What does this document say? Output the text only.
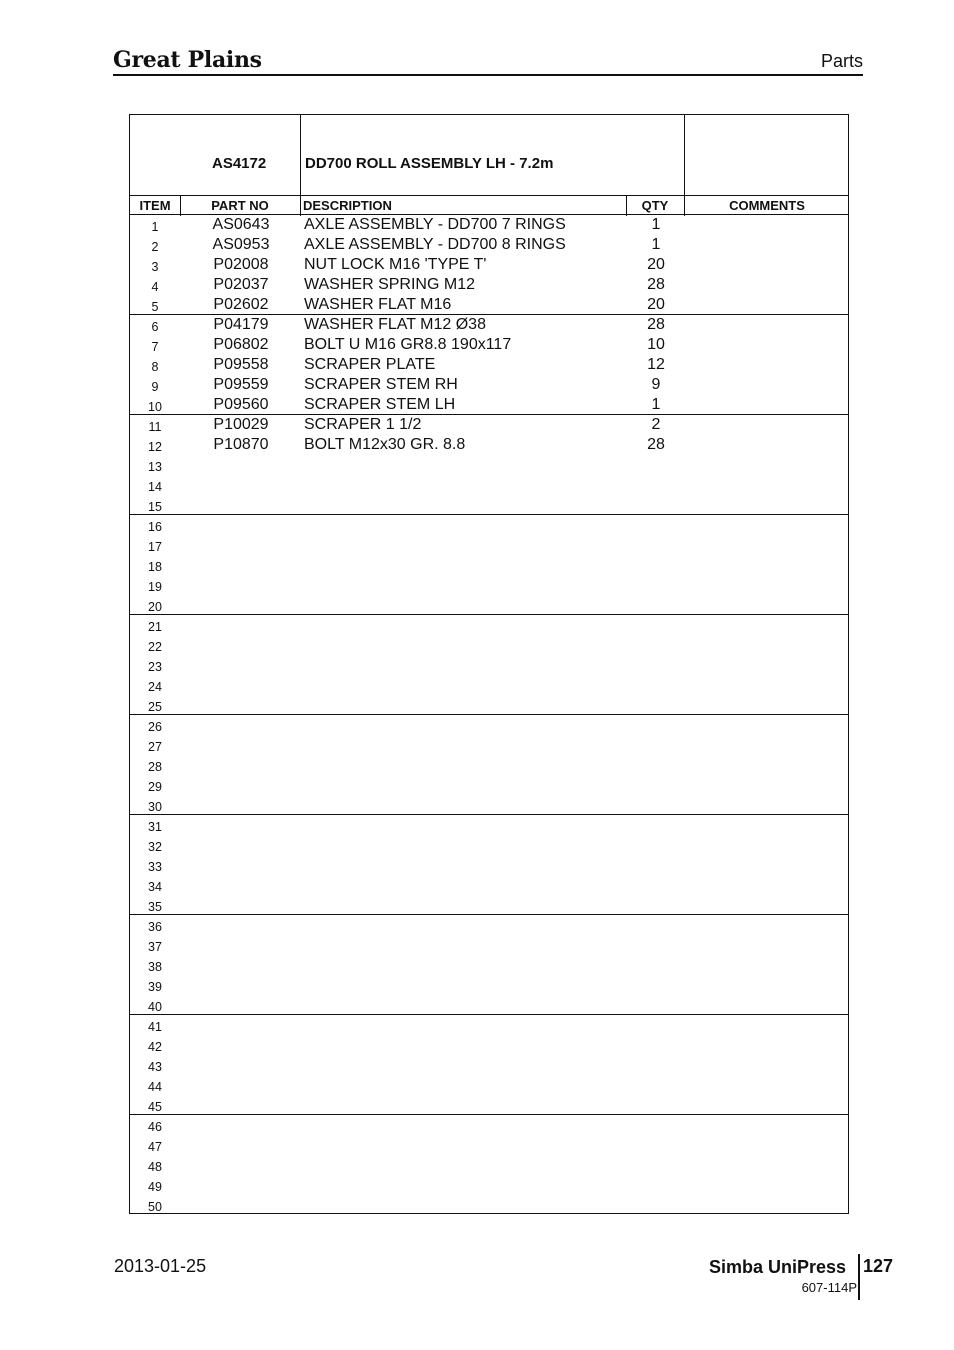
Great Plains	Parts
AS4172	DD700 ROLL ASSEMBLY LH - 7.2m
ITEM	PART NO	DESCRIPTION	QTY	COMMENTS
1	AS0643	AXLE ASSEMBLY - DD700 7 RINGS	1
2	AS0953	AXLE ASSEMBLY - DD700 8 RINGS	1
3	P02008	NUT LOCK M16 'TYPE T'	20
4	P02037	WASHER SPRING M12	28
5	P02602	WASHER FLAT M16	20
6	P04179	WASHER FLAT M12 Ø38	28
7	P06802	BOLT U M16 GR8.8 190x117	10
8	P09558	SCRAPER PLATE	12
9	P09559	SCRAPER STEM RH	9
10	P09560	SCRAPER STEM LH	1
11	P10029	SCRAPER 1 1/2	2
12	P10870	BOLT M12x30 GR. 8.8	28
13
14
15
16
17
18
19
20
21
22
23
24
25
26
27
28
29
30
31
32
33
34
35
36
37
38
39
40
41
42
43
44
45
46
47
48
49
50
2013-01-25	Simba UniPress 127
607-114P
